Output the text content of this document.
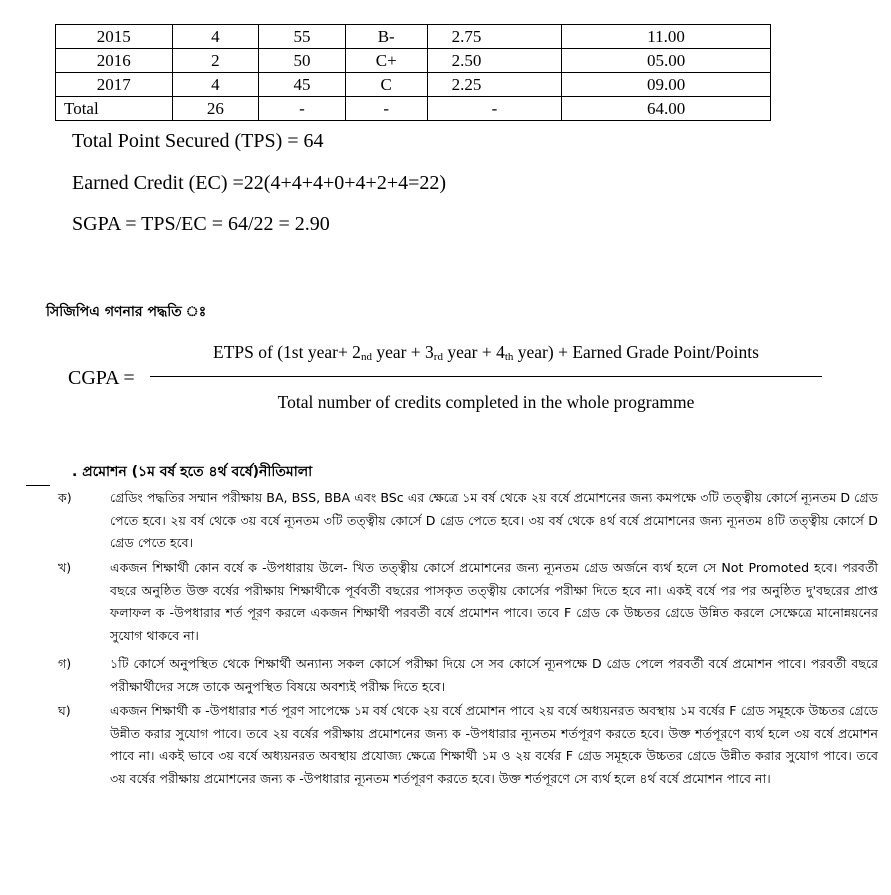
2015	4	55	B-	2.75	11.00
2016	2	50	C+	2.50	05.00
2017	4	45	C	2.25	09.00
Total	26	-	-	-	64.00
Total Point Secured (TPS) = 64
Earned Credit (EC) =22(4+4+4+0+4+2+4=22)
SGPA = TPS/EC = 64/22 = 2.90
সিজিপিএ গণনার পদ্ধতি ঃ
CGPA =
ETPS of (1st year+ $2_{nd}$ year + $3_{rd}$ year + $4_{th}$ year) + Earned Grade Point/Points
Total number of credits completed in the whole programme
. প্রমোশন (১ম বর্ষ হতে ৪র্থ বর্ষে)নীতিমালা
ক)	গ্রেডিং পদ্ধতির সম্মান পরীক্ষায় BA, BSS, BBA এবং BSc এর ক্ষেত্রে ১ম বর্ষ থেকে ২য় বর্ষে প্রমোশনের জন্য কমপক্ষে ৩টি তত্ত্বীয় কোর্সে ন্যূনতম D গ্রেড পেতে হবে। ২য় বর্ষ থেকে ৩য় বর্ষে ন্যূনতম ৩টি তত্ত্বীয় কোর্সে D গ্রেড পেতে হবে। ৩য় বর্ষ থেকে ৪র্থ বর্ষে প্রমোশনের জন্য ন্যূনতম ৪টি তত্ত্বীয় কোর্সে D গ্রেড পেতে হবে।
খ)	একজন শিক্ষার্থী কোন বর্ষে ক -উপধারায় উলে- খিত তত্ত্বীয় কোর্সে প্রমোশনের জন্য ন্যূনতম গ্রেড অর্জনে ব্যর্থ হলে সে Not Promoted হবে। পরবর্তী বছরে অনুষ্ঠিত উক্ত বর্ষের পরীক্ষায় শিক্ষার্থীকে পূর্ববর্তী বছরের পাসকৃত তত্ত্বীয় কোর্সের পরীক্ষা দিতে হবে না। একই বর্ষে পর পর অনুষ্ঠিত দু'বছরের প্রাপ্ত ফলাফল ক -উপধারার শর্ত পূরণ করলে একজন শিক্ষার্থী পরবর্তী বর্ষে প্রমোশন পাবে। তবে F গ্রেড কে উচ্চতর গ্রেডে উন্নিত করলে সেক্ষেত্রে মানোন্নয়নের সুযোগ থাকবে না।
গ)	১টি কোর্সে অনুপস্থিত থেকে শিক্ষার্থী অন্যান্য সকল কোর্সে পরীক্ষা দিয়ে সে সব কোর্সে ন্যূনপক্ষে D গ্রেড পেলে পরবর্তী বর্ষে প্রমোশন পাবে। পরবর্তী বছরে পরীক্ষার্থীদের সঙ্গে তাকে অনুপস্থিত বিষয়ে অবশ্যই পরীক্ষ দিতে হবে।
ঘ)	একজন শিক্ষার্থী ক -উপধারার শর্ত পূরণ সাপেক্ষে ১ম বর্ষ থেকে ২য় বর্ষে প্রমোশন পাবে ২য় বর্ষে অধ্যয়নরত অবস্থায় ১ম বর্ষের F গ্রেড সমূহকে উচ্চতর গ্রেডে উন্নীত করার সুযোগ পাবে। তবে ২য় বর্ষের পরীক্ষায় প্রমোশনের জন্য ক -উপধারার ন্যূনতম শর্তপূরণ করতে হবে। উক্ত শর্তপূরণে ব্যর্থ হলে ৩য় বর্ষে প্রমোশন পাবে না। একই ভাবে ৩য় বর্ষে অধ্যয়নরত অবস্থায় প্রযোজ্য ক্ষেত্রে শিক্ষার্থী ১ম ও ২য় বর্ষের F গ্রেড সমূহকে উচ্চতর গ্রেডে উন্নীত করার সুযোগ পাবে। তবে ৩য় বর্ষের পরীক্ষায় প্রমোশনের জন্য ক -উপধারার ন্যূনতম শর্তপূরণ করতে হবে। উক্ত শর্তপূরণে সে ব্যর্থ হলে ৪র্থ বর্ষে প্রমোশন পাবে না।
